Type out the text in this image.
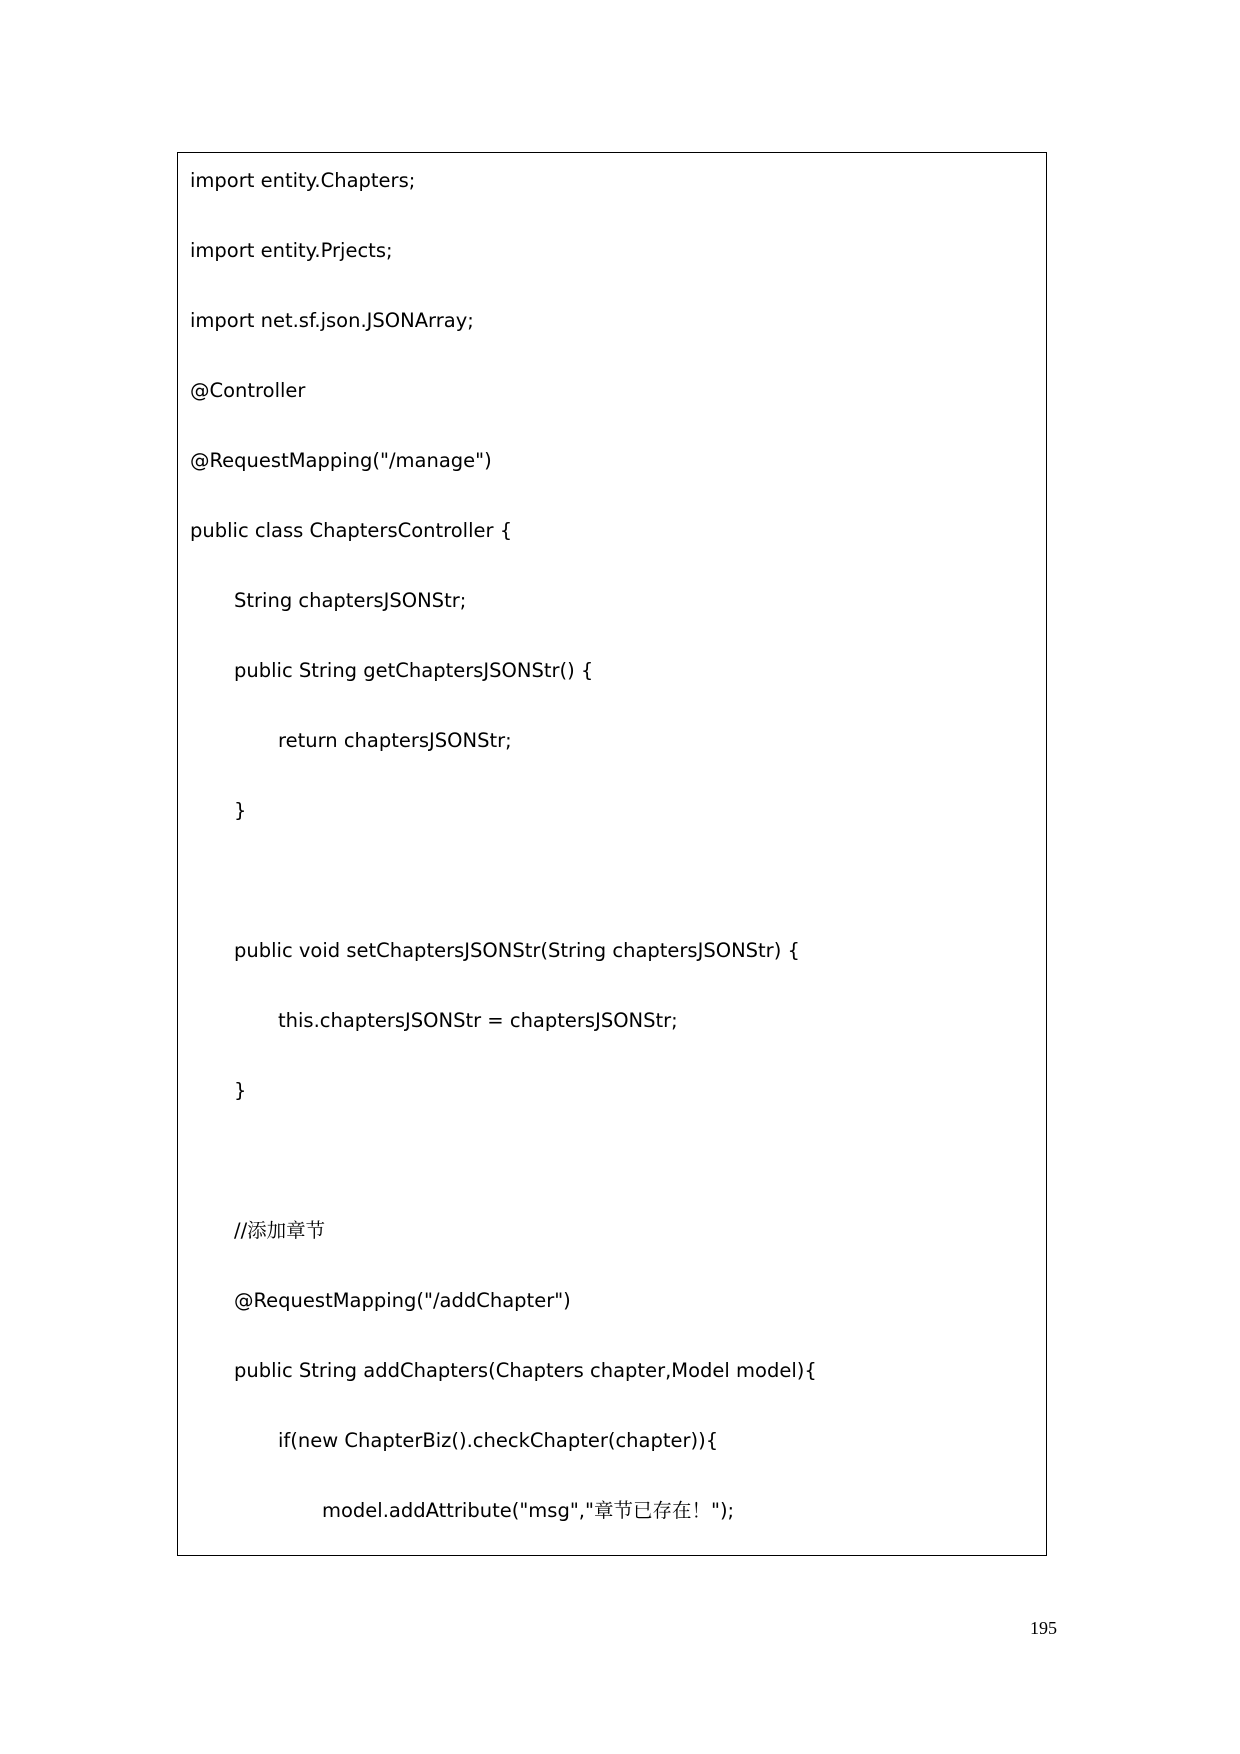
import entity.Chapters;
import entity.Prjects;
import net.sf.json.JSONArray;
@Controller
@RequestMapping("/manage")
public class ChaptersController {
String chaptersJSONStr;
public String getChaptersJSONStr() {
return chaptersJSONStr;
}
public void setChaptersJSONStr(String chaptersJSONStr) {
this.chaptersJSONStr = chaptersJSONStr;
}
//添加章节
@RequestMapping("/addChapter")
public String addChapters(Chapters chapter,Model model){
if(new ChapterBiz().checkChapter(chapter)){
model.addAttribute("msg","章节已存在！");
195
